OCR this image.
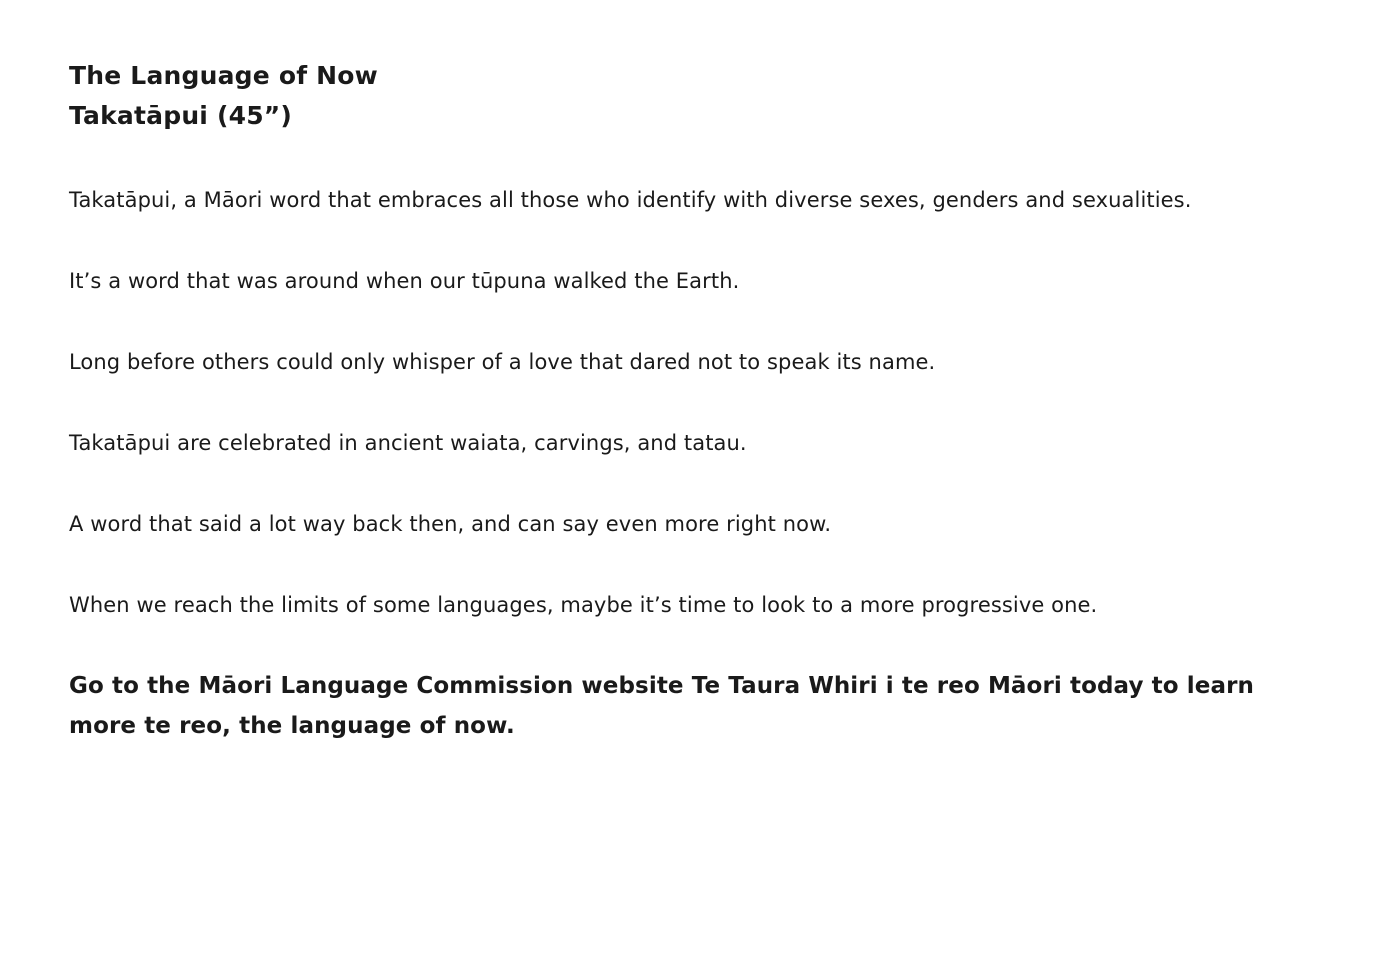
The Language of Now
Takatāpui (45”)

Takatāpui, a Māori word that embraces all those who identify with diverse sexes, genders and sexualities.

It’s a word that was around when our tūpuna walked the Earth.

Long before others could only whisper of a love that dared not to speak its name.

Takatāpui are celebrated in ancient waiata, carvings, and tatau.

A word that said a lot way back then, and can say even more right now.

When we reach the limits of some languages, maybe it’s time to look to a more progressive one.

Go to the Māori Language Commission website Te Taura Whiri i te reo Māori today to learn more te reo, the language of now.
